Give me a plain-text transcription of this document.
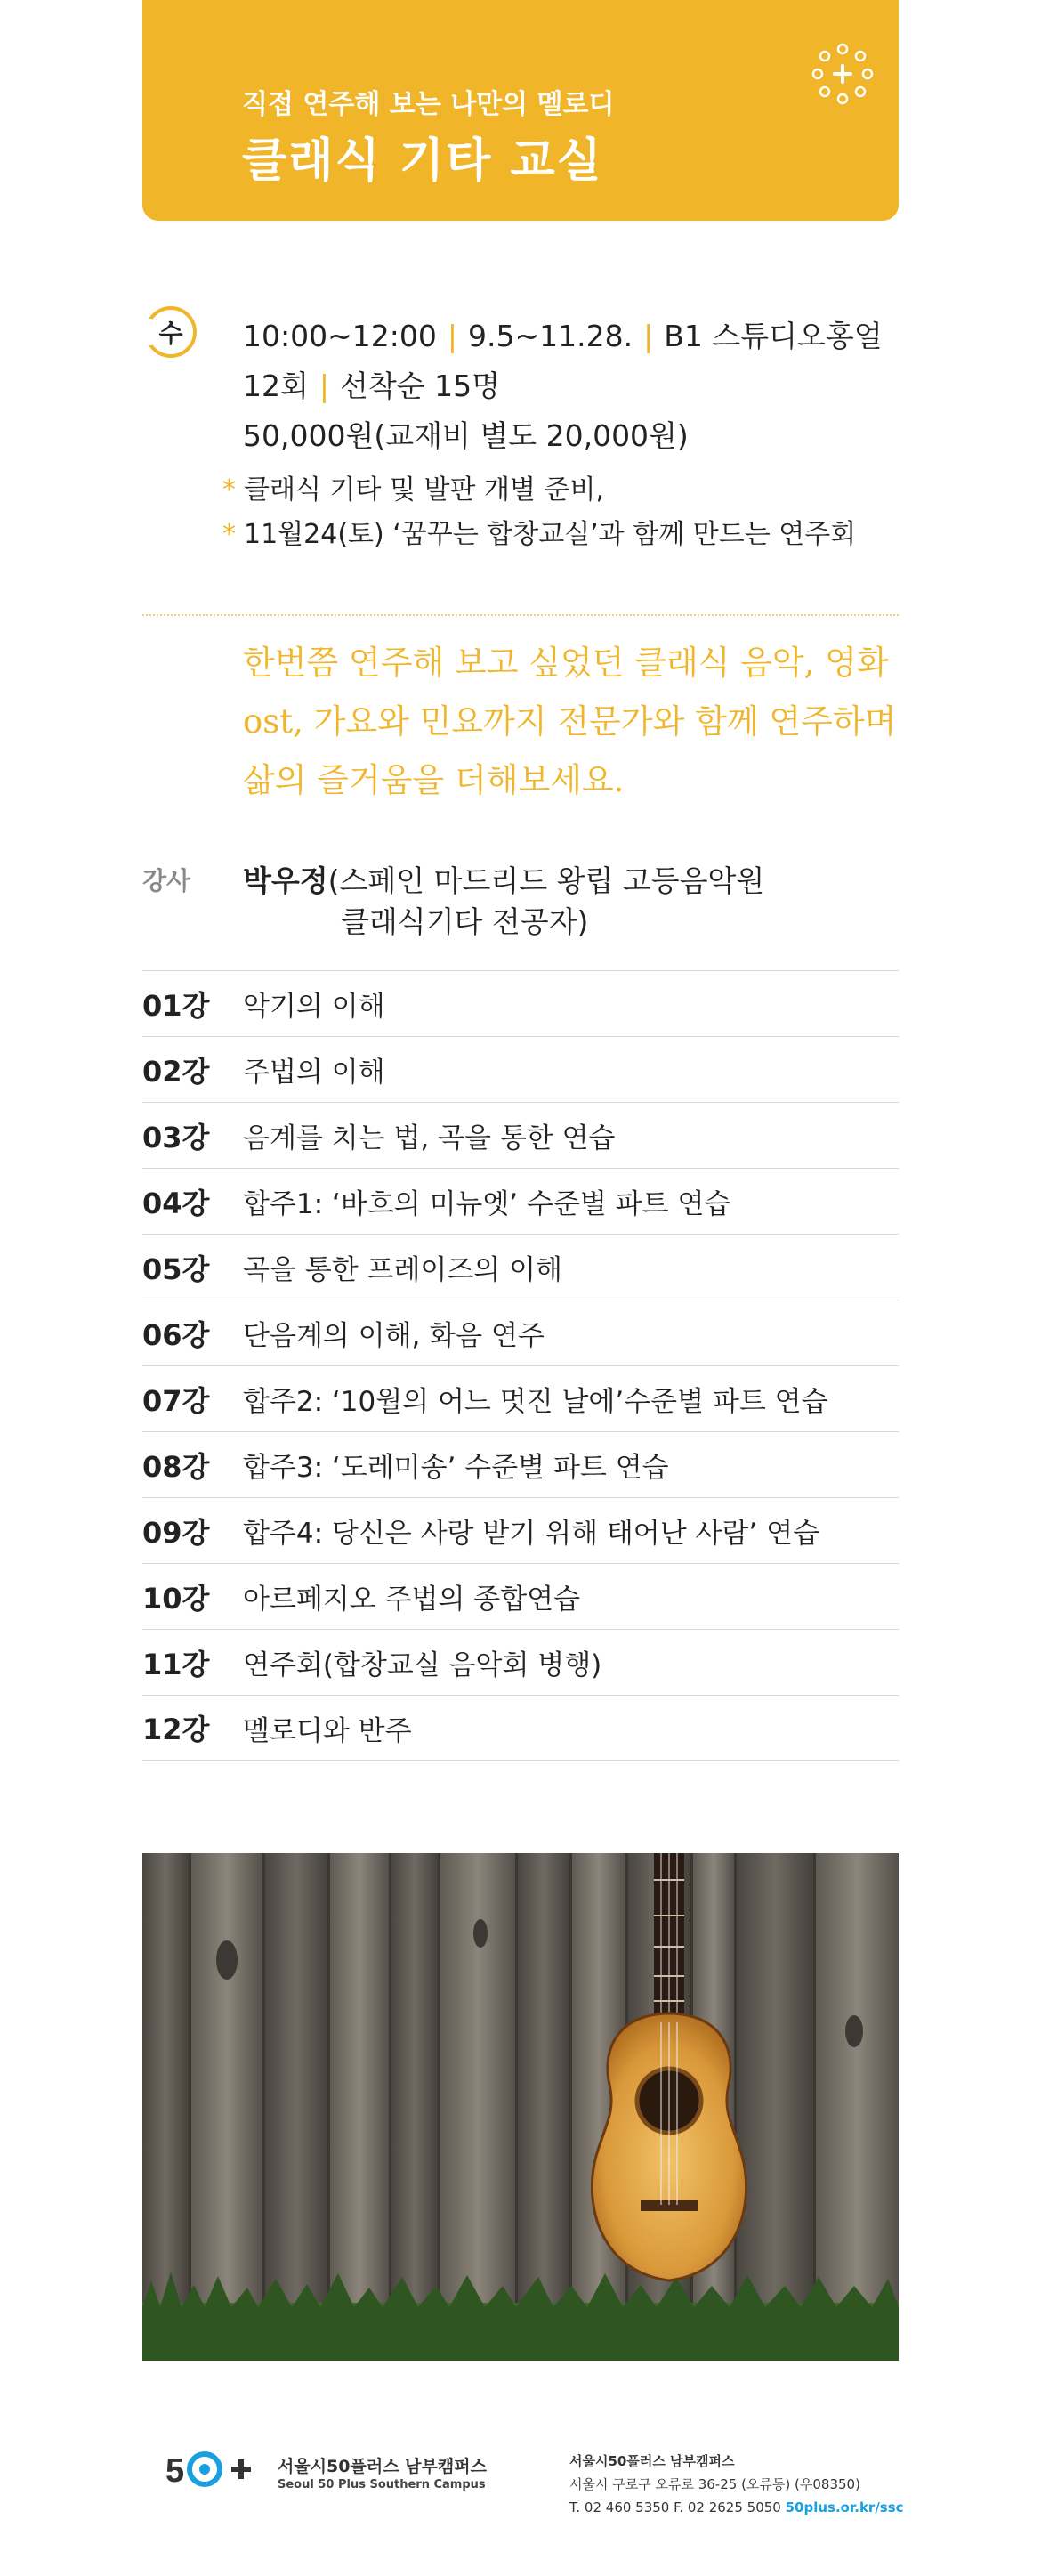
직접 연주해 보는 나만의 멜로디
클래식 기타 교실
수 10:00~12:00 | 9.5~11.28. | B1 스튜디오홍얼
12회 | 선착순 15명
50,000원(교재비 별도 20,000원)
* 클래식 기타 및 발판 개별 준비,
* 11월24(토) ‘꿈꾸는 합창교실’과 함께 만드는 연주회
한번쯤 연주해 보고 싶었던 클래식 음악, 영화
ost, 가요와 민요까지 전문가와 함께 연주하며
삶의 즐거움을 더해보세요.
강사 박우정(스페인 마드리드 왕립 고등음악원
클래식기타 전공자)
01강	악기의 이해
02강	주법의 이해
03강	음계를 치는 법, 곡을 통한 연습
04강	합주1: ‘바흐의 미뉴엣’ 수준별 파트 연습
05강	곡을 통한 프레이즈의 이해
06강	단음계의 이해, 화음 연주
07강	합주2: ‘10월의 어느 멋진 날에’수준별 파트 연습
08강	합주3: ‘도레미송’ 수준별 파트 연습
09강	합주4: 당신은 사랑 받기 위해 태어난 사람’ 연습
10강	아르페지오 주법의 종합연습
11강	연주회(합창교실 음악회 병행)
12강	멜로디와 반주
5	서울시50플러스 남부캠퍼스
Seoul 50 Plus Southern Campus
서울시50플러스 남부캠퍼스
서울시 구로구 오류로 36-25 (오류동) (우08350)
T. 02 460 5350 F. 02 2625 5050 50plus.or.kr/ssc
